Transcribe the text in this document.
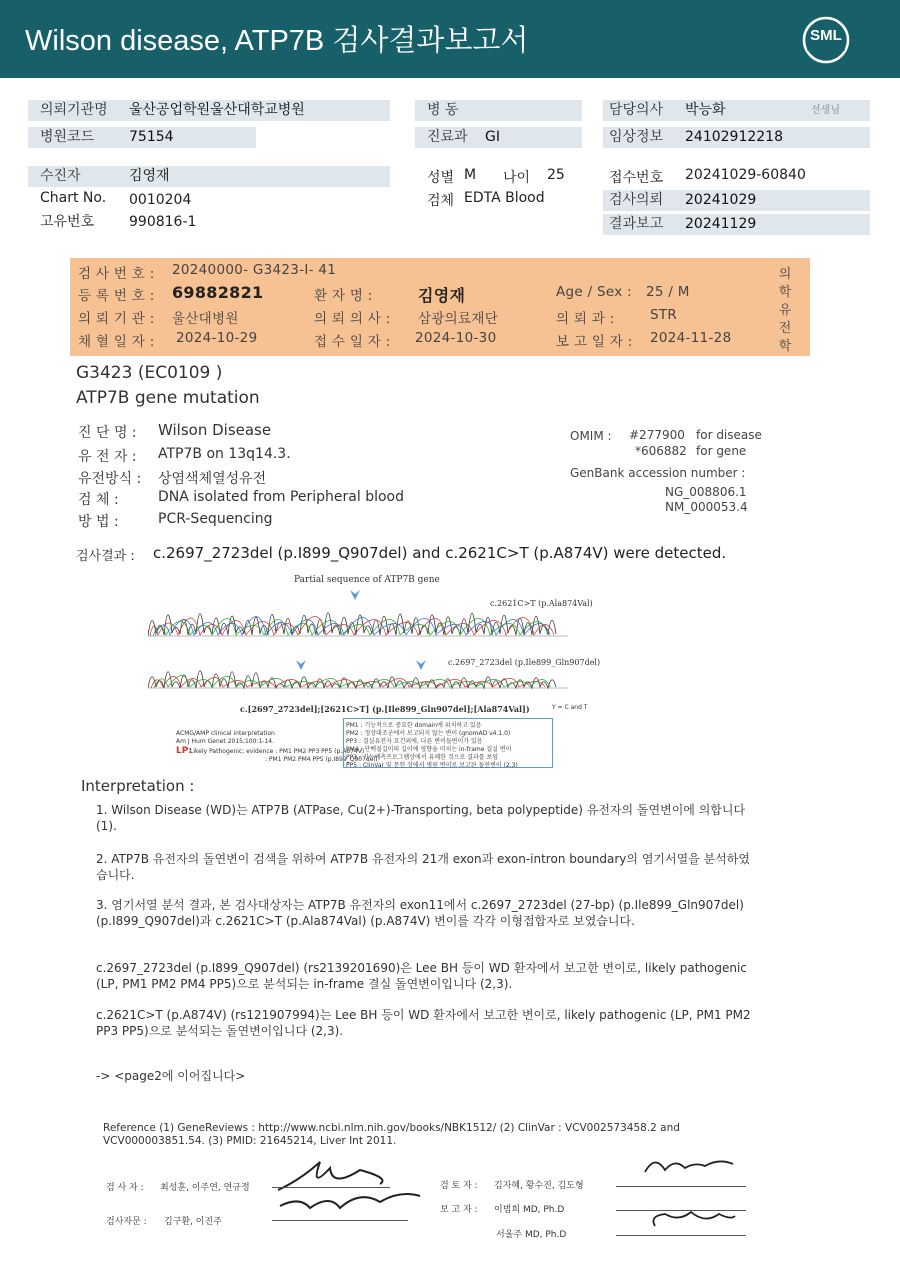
Wilson disease, ATP7B 검사결과보고서	SML
의뢰기관명 울산공업학원울산대학교병원
병원코드 75154
병 동
진료과 GI
담당의사 박능화	선생님
임상정보 24102912218
수진자	김영재
Chart No. 0010204
고유번호 990816-1
성별 M 나이 25
검체 EDTA Blood
접수번호 20241029-60840
검사의뢰 20241029
결과보고 20241129
검 사 번 호 : 20240000- G3423-I- 41
등 록 번 호 : 69882821	환 자 명 :	김영재	Age / Sex : 25 / M
의 뢰 기 관 : 울산대병원	의 뢰 의 사 : 삼광의료재단	의 뢰 과 :	STR
채 혈 일 자 : 2024-10-29	접 수 일 자 : 2024-10-30	보 고 일 자 : 2024-11-28
의학유전학
G3423 (EC0109 )
ATP7B gene mutation
진 단 명 : Wilson Disease
유 전 자 : ATP7B on 13q14.3.
유전방식 : 상염색체열성유전
검 체 :	DNA isolated from Peripheral blood
방 법 :	PCR-Sequencing
OMIM : #277900 for disease
*606882 for gene
GenBank accession number :
NG_008806.1
NM_000053.4
검사결과 : c.2697_2723del (p.I899_Q907del) and c.2621C>T (p.A874V) were detected.
Partial sequence of ATP7B gene
c.2621C>T (p.Ala874Val)
c.2697_2723del (p.Ile899_Gln907del)
c.[2697_2723del];[2621C>T] (p.[Ile899_Gln907del];[Ala874Val])	Y = C and T
ACMG/AMP clinical interpretation
Am J Hum Genet 2015;100:1-14.
LP:
Likely Pathogenic; evidence : PM1 PM2 PP3 PP5 (p.A874V)
: PM1 PM2 PM4 PP5 (p.I899_Q907del)
PM1 : 기능적으로 중요한 domain에 위치하고 있음
PM2 : 정상대조군에서 보고되지 않는 변이 (gnomAD v4.1.0)
PP3 : 결실유전자 요건외에, 다른 변이들변이가 있음
PM4 : 단백질길이의 길이에 영향을 미치는 in-frame 결실 변이
PP3 : 기능예측프로그램상에서 유해한 것으로 결과를 보임
PP5 : ClinVar 및 문헌 상에서 병원 변이로 보고된 돌연변이 (2,3)
Interpretation :
1. Wilson Disease (WD)는 ATP7B (ATPase, Cu(2+)-Transporting, beta polypeptide) 유전자의 돌연변이에 의합니다 (1).
2. ATP7B 유전자의 돌연변이 검색을 위하여 ATP7B 유전자의 21개 exon과 exon-intron boundary의 염기서열을 분석하였습니다.
3. 염기서열 분석 결과, 본 검사대상자는 ATP7B 유전자의 exon11에서 c.2697_2723del (27-bp) (p.Ile899_Gln907del) (p.I899_Q907del)과 c.2621C>T (p.Ala874Val) (p.A874V) 변이를 각각 이형접합자로 보였습니다.
c.2697_2723del (p.I899_Q907del) (rs2139201690)은 Lee BH 등이 WD 환자에서 보고한 변이로, likely pathogenic (LP, PM1 PM2 PM4 PP5)으로 분석되는 in-frame 결실 돌연변이입니다 (2,3).
c.2621C>T (p.A874V) (rs121907994)는 Lee BH 등이 WD 환자에서 보고한 변이로, likely pathogenic (LP, PM1 PM2 PP3 PP5)으로 분석되는 돌연변이입니다 (2,3).
-> <page2에 이어집니다>
Reference (1) GeneReviews : http://www.ncbi.nlm.nih.gov/books/NBK1512/ (2) ClinVar : VCV002573458.2 and VCV000003851.54. (3) PMID: 21645214, Liver Int 2011.
검 사 자 : 최성훈, 이주연, 연규정
검사자문 : 김구환, 이진주
검 토 자 : 김자혜, 황수진, 김도형
보 고 자 : 이범희 MD, Ph.D
서울주 MD, Ph.D
